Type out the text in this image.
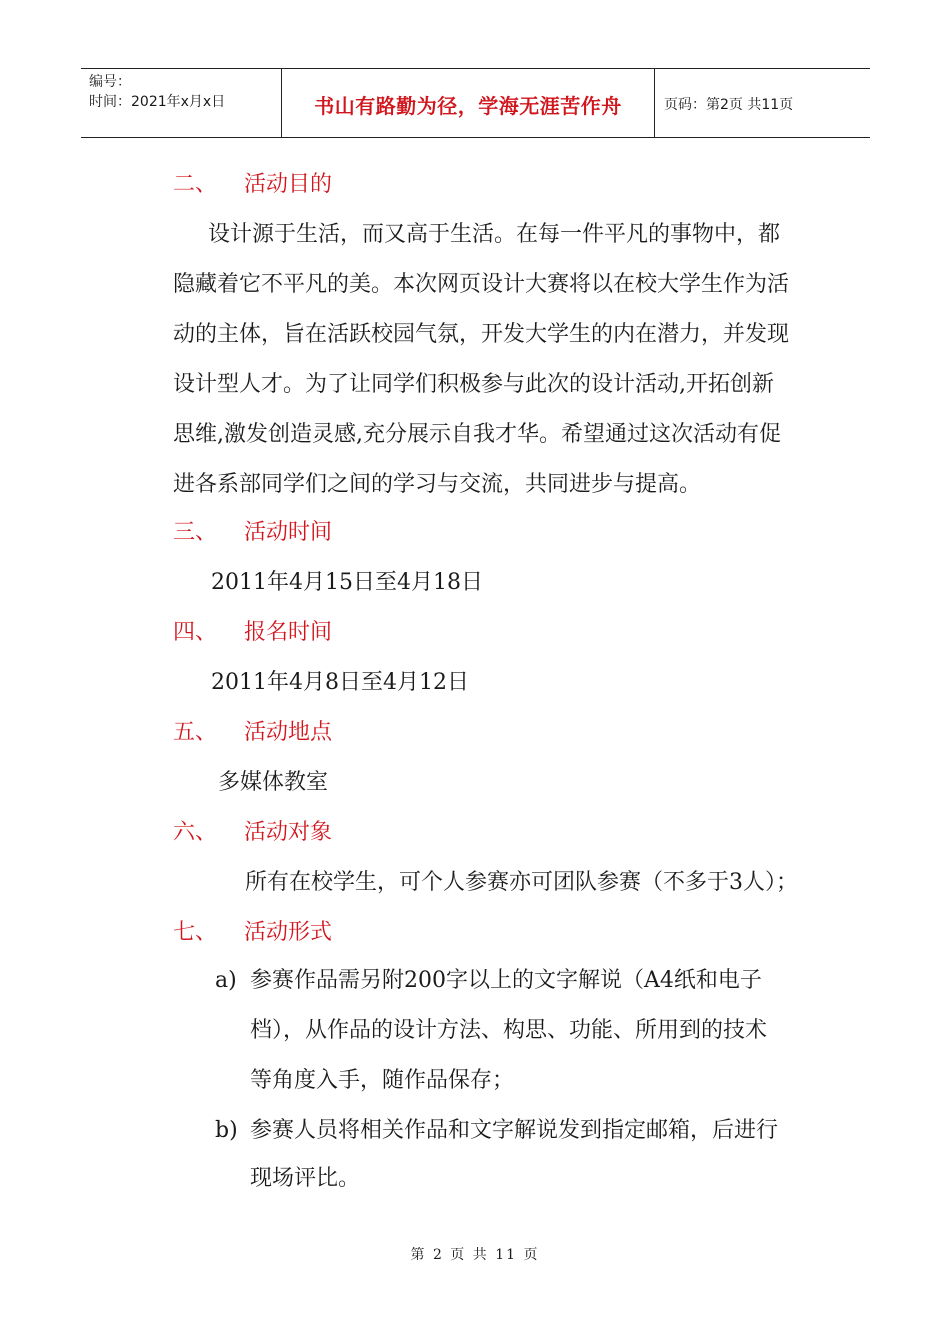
编号：
时间：2021年x月x日	书山有路勤为径，学海无涯苦作舟	页码：第2页 共11页
二、 活动目的
设计源于生活，而又高于生活。在每一件平凡的事物中，都
隐藏着它不平凡的美。本次网页设计大赛将以在校大学生作为活
动的主体，旨在活跃校园气氛，开发大学生的内在潜力，并发现
设计型人才。为了让同学们积极参与此次的设计活动,开拓创新
思维,激发创造灵感,充分展示自我才华。希望通过这次活动有促
进各系部同学们之间的学习与交流，共同进步与提高。
三、 活动时间
2011年4月15日至4月18日
四、 报名时间
2011年4月8日至4月12日
五、 活动地点
多媒体教室
六、 活动对象
所有在校学生，可个人参赛亦可团队参赛（不多于3人）；
七、 活动形式
a) 参赛作品需另附200字以上的文字解说（A4纸和电子
档），从作品的设计方法、构思、功能、所用到的技术
等角度入手，随作品保存；
b) 参赛人员将相关作品和文字解说发到指定邮箱，后进行
现场评比。
第 2 页 共 11 页
